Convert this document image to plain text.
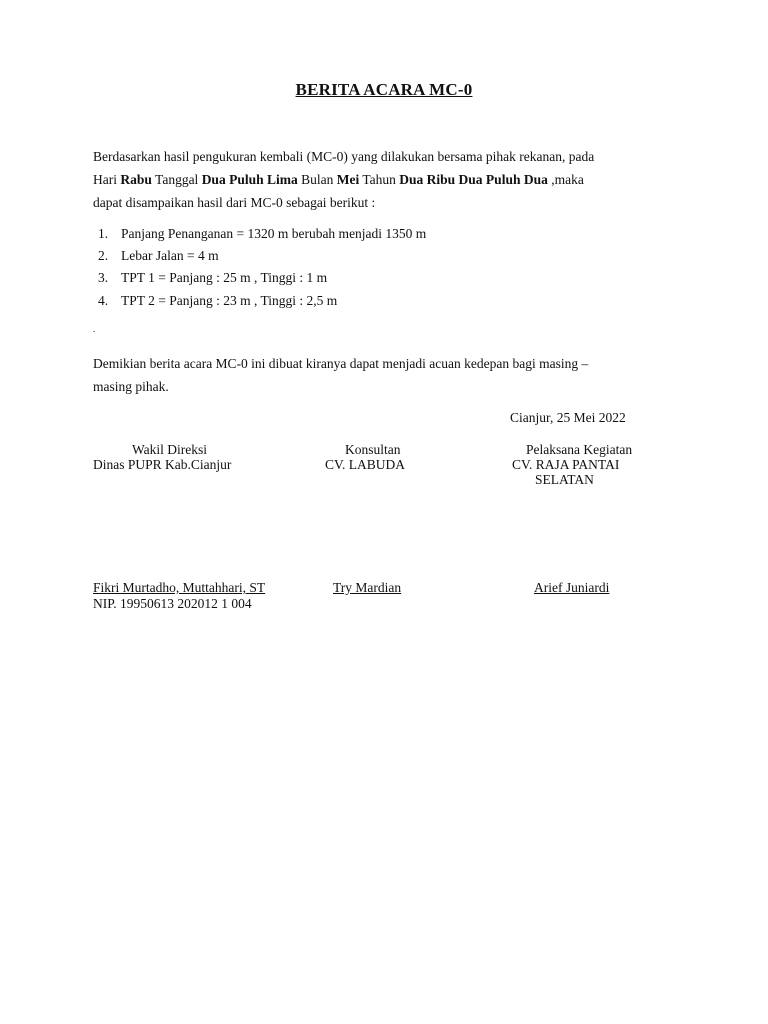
BERITA ACARA MC-0
Berdasarkan hasil pengukuran kembali (MC-0) yang dilakukan bersama pihak rekanan, pada
Hari Rabu Tanggal Dua Puluh Lima Bulan Mei Tahun Dua Ribu Dua Puluh Dua ,maka
dapat disampaikan hasil dari MC-0 sebagai berikut :
1. Panjang Penanganan = 1320 m berubah menjadi 1350 m
2. Lebar Jalan = 4 m
3. TPT 1 = Panjang : 25 m , Tinggi : 1 m
4. TPT 2 = Panjang : 23 m , Tinggi : 2,5 m
.
Demikian berita acara MC-0 ini dibuat kiranya dapat menjadi acuan kedepan bagi masing –
masing pihak.
Cianjur, 25 Mei 2022
Wakil Direksi	Konsultan	Pelaksana Kegiatan
Dinas PUPR Kab.Cianjur	CV. LABUDA	CV. RAJA PANTAI
SELATAN
Fikri Murtadho, Muttahhari, ST	Try Mardian	Arief Juniardi
NIP. 19950613 202012 1 004
